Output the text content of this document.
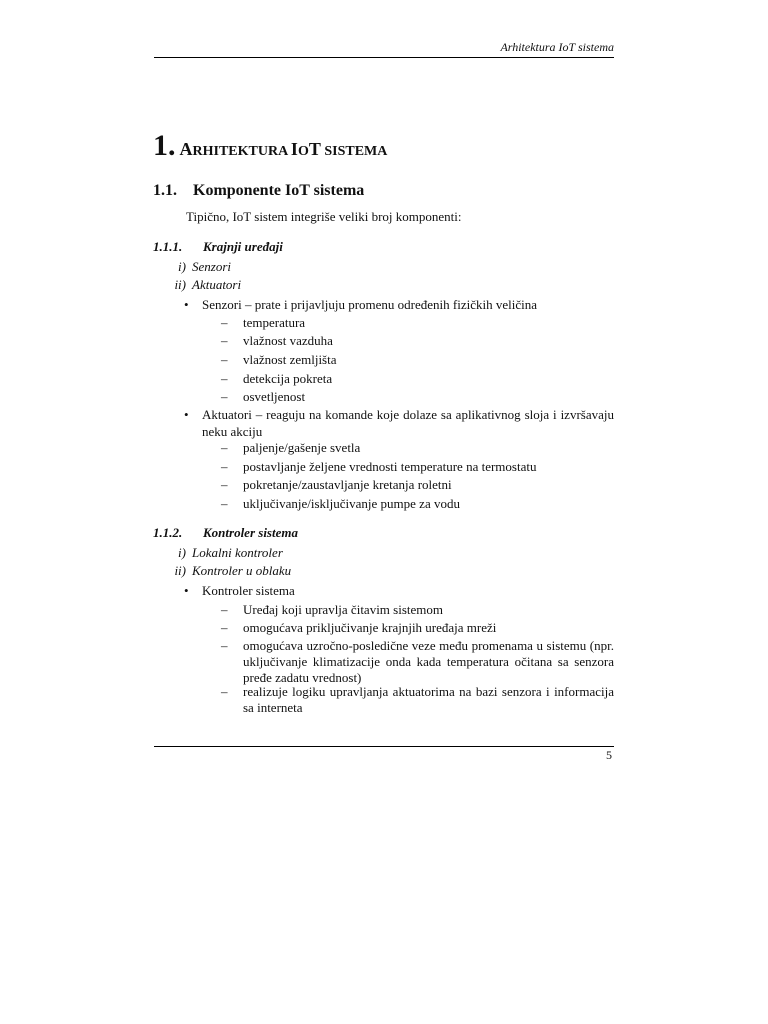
Arhitektura IoT sistema
1. ARHITEKTURA IOT SISTEMA
1.1. Komponente IoT sistema
Tipično, IoT sistem integriše veliki broj komponenti:
1.1.1. Krajnji uređaji
i) Senzori
ii) Aktuatori
• Senzori – prate i prijavljuju promenu određenih fizičkih veličina
– temperatura
– vlažnost vazduha
– vlažnost zemljišta
– detekcija pokreta
– osvetljenost
• Aktuatori – reaguju na komande koje dolaze sa aplikativnog sloja i izvršavaju neku akciju
– paljenje/gašenje svetla
– postavljanje željene vrednosti temperature na termostatu
– pokretanje/zaustavljanje kretanja roletni
– uključivanje/isključivanje pumpe za vodu
1.1.2. Kontroler sistema
i) Lokalni kontroler
ii) Kontroler u oblaku
• Kontroler sistema
– Uređaj koji upravlja čitavim sistemom
– omogućava priključivanje krajnjih uređaja mreži
– omogućava uzročno-posledične veze među promenama u sistemu (npr. uključivanje klimatizacije onda kada temperatura očitana sa senzora pređe zadatu vrednost)
– realizuje logiku upravljanja aktuatorima na bazi senzora i informacija sa interneta
5
